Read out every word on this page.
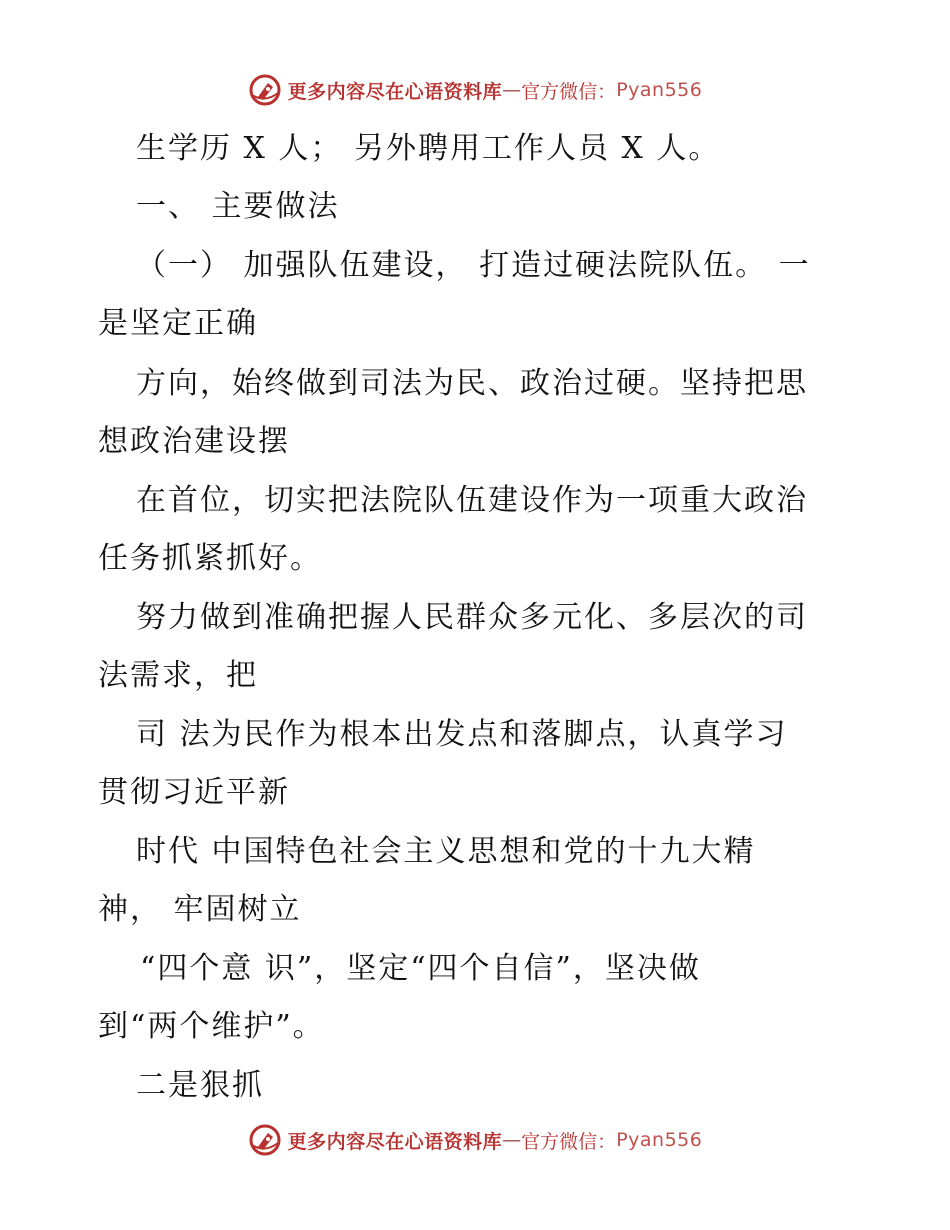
更多内容尽在心语资料库 — 官方微信： Pyan556
生学历 X 人； 另外聘用工作人员 X 人。
一、 主要做法
（一） 加强队伍建设， 打造过硬法院队伍。 一
是坚定正确
方向，始终做到司法为民、政治过硬。坚持把思
想政治建设摆
在首位，切实把法院队伍建设作为一项重大政治
任务抓紧抓好。
努力做到准确把握人民群众多元化、多层次的司
法需求，把
司 法为民作为根本出发点和落脚点，认真学习
贯彻习近平新
时代 中国特色社会主义思想和党的十九大精
神， 牢固树立
“四个意 识”，坚定“四个自信”，坚决做
到“两个维护”。
二是狠抓
更多内容尽在心语资料库 — 官方微信： Pyan556
